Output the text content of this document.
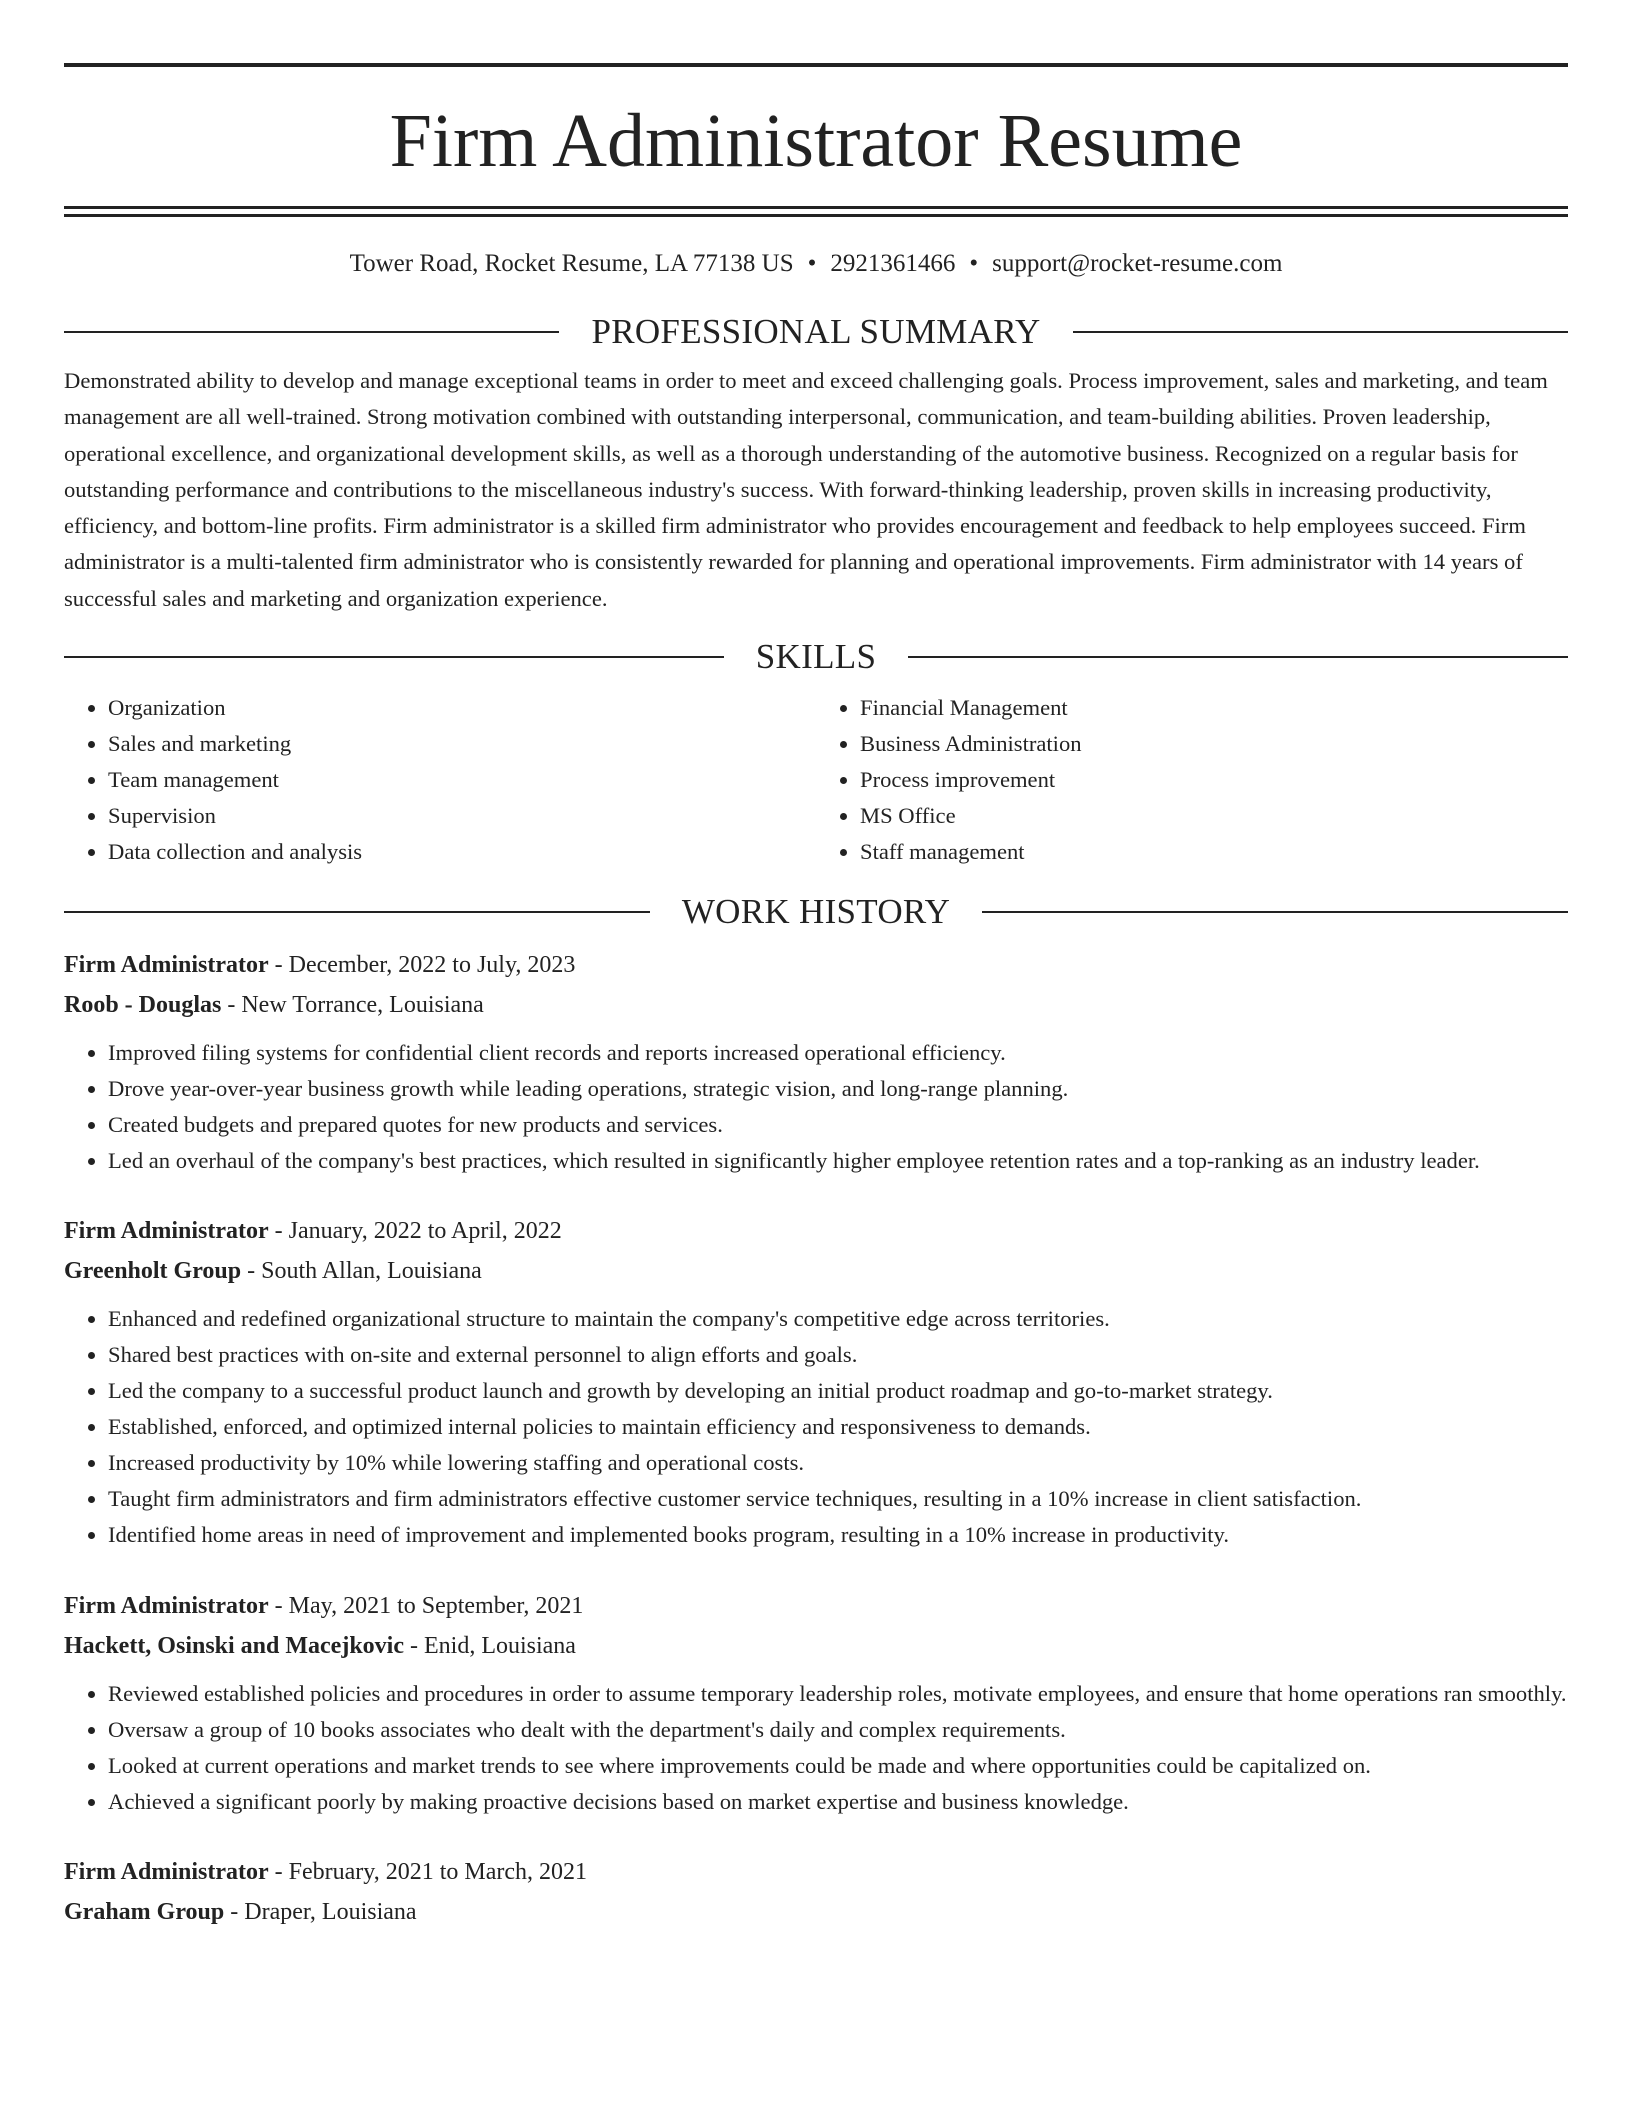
Firm Administrator Resume
Tower Road, Rocket Resume, LA 77138 US • 2921361466 • support@rocket-resume.com
PROFESSIONAL SUMMARY

Demonstrated ability to develop and manage exceptional teams in order to meet and exceed challenging goals. Process improvement, sales and marketing, and team management are all well-trained. Strong motivation combined with outstanding interpersonal, communication, and team-building abilities. Proven leadership, operational excellence, and organizational development skills, as well as a thorough understanding of the automotive business. Recognized on a regular basis for outstanding performance and contributions to the miscellaneous industry's success. With forward-thinking leadership, proven skills in increasing productivity, efficiency, and bottom-line profits. Firm administrator is a skilled firm administrator who provides encouragement and feedback to help employees succeed. Firm administrator is a multi-talented firm administrator who is consistently rewarded for planning and operational improvements. Firm administrator with 14 years of successful sales and marketing and organization experience.

SKILLS
• Organization
• Sales and marketing
• Team management
• Supervision
• Data collection and analysis
• Financial Management
• Business Administration
• Process improvement
• MS Office
• Staff management
WORK HISTORY
Firm Administrator - December, 2022 to July, 2023
Roob - Douglas - New Torrance, Louisiana
• Improved filing systems for confidential client records and reports increased operational efficiency.
• Drove year-over-year business growth while leading operations, strategic vision, and long-range planning.
• Created budgets and prepared quotes for new products and services.
• Led an overhaul of the company's best practices, which resulted in significantly higher employee retention rates and a top-ranking as an industry leader.
Firm Administrator - January, 2022 to April, 2022
Greenholt Group - South Allan, Louisiana
• Enhanced and redefined organizational structure to maintain the company's competitive edge across territories.
• Shared best practices with on-site and external personnel to align efforts and goals.
• Led the company to a successful product launch and growth by developing an initial product roadmap and go-to-market strategy.
• Established, enforced, and optimized internal policies to maintain efficiency and responsiveness to demands.
• Increased productivity by 10% while lowering staffing and operational costs.
• Taught firm administrators and firm administrators effective customer service techniques, resulting in a 10% increase in client satisfaction.
• Identified home areas in need of improvement and implemented books program, resulting in a 10% increase in productivity.
Firm Administrator - May, 2021 to September, 2021
Hackett, Osinski and Macejkovic - Enid, Louisiana
• Reviewed established policies and procedures in order to assume temporary leadership roles, motivate employees, and ensure that home operations ran smoothly.
• Oversaw a group of 10 books associates who dealt with the department's daily and complex requirements.
• Looked at current operations and market trends to see where improvements could be made and where opportunities could be capitalized on.
• Achieved a significant poorly by making proactive decisions based on market expertise and business knowledge.
Firm Administrator - February, 2021 to March, 2021
Graham Group - Draper, Louisiana
